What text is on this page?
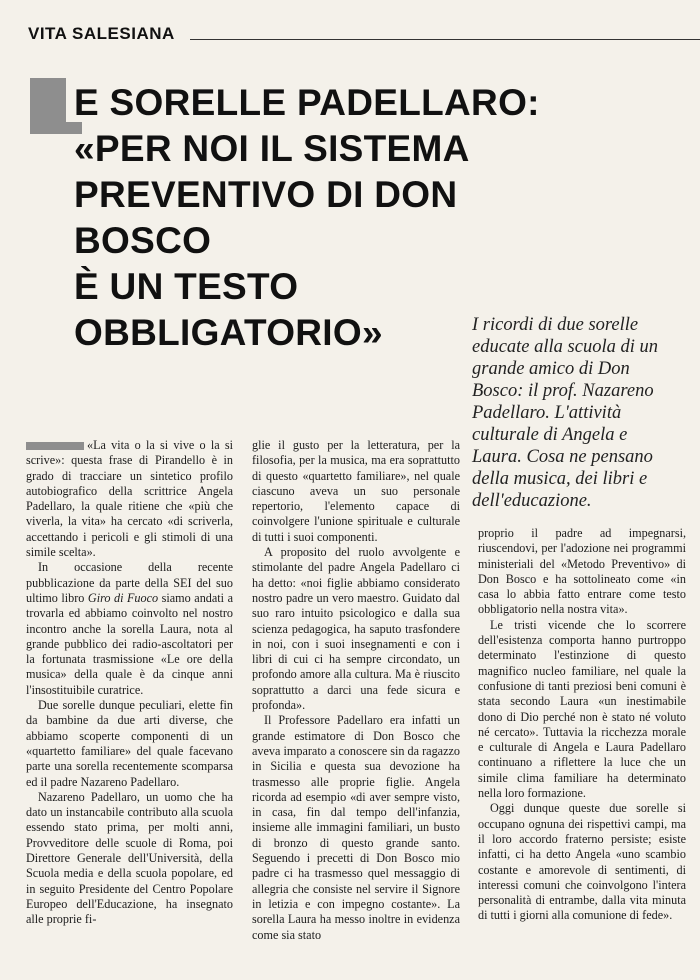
VITA SALESIANA
E SORELLE PADELLARO:
«PER NOI IL SISTEMA
PREVENTIVO DI DON
BOSCO
È UN TESTO
OBBLIGATORIO»	I ricordi di due sorelle
educate alla scuola di un
grande amico di Don
Bosco: il prof. Nazareno
Padellaro. L'attività
culturale di Angela e
Laura. Cosa ne pensano
della musica, dei libri e
dell'educazione.

«La vita o la si vive o la si scrive»: questa frase di Pirandello è in grado di tracciare un sintetico profilo autobiografico della scrittrice Angela Padellaro, la quale ritiene che «più che viverla, la vita» ha cercato «di scriverla, accettando i pericoli e gli stimoli di una simile scelta».

In occasione della recente pubblicazione da parte della SEI del suo ultimo libro Giro di Fuoco siamo andati a trovarla ed abbiamo coinvolto nel nostro incontro anche la sorella Laura, nota al grande pubblico dei radio-ascoltatori per la fortunata trasmissione «Le ore della musica» della quale è da cinque anni l'insostituibile curatrice.

Due sorelle dunque peculiari, elette fin da bambine da due arti diverse, che abbiamo scoperte componenti di un «quartetto familiare» del quale facevano parte una sorella recentemente scomparsa ed il padre Nazareno Padellaro.

Nazareno Padellaro, un uomo che ha dato un instancabile contributo alla scuola essendo stato prima, per molti anni, Provveditore delle scuole di Roma, poi Direttore Generale dell'Università, della Scuola media e della scuola popolare, ed in seguito Presidente del Centro Popolare Europeo dell'Educazione, ha insegnato alle proprie fi-

glie il gusto per la letteratura, per la filosofia, per la musica, ma era soprattutto di questo «quartetto familiare», nel quale ciascuno aveva un suo personale repertorio, l'elemento capace di coinvolgere l'unione spirituale e culturale di tutti i suoi componenti.

A proposito del ruolo avvolgente e stimolante del padre Angela Padellaro ci ha detto: «noi figlie abbiamo considerato nostro padre un vero maestro. Guidato dal suo raro intuito psicologico e dalla sua scienza pedagogica, ha saputo trasfondere in noi, con i suoi insegnamenti e con i libri di cui ci ha sempre circondato, un profondo amore alla cultura. Ma è riuscito soprattutto a darci una fede sicura e profonda».

Il Professore Padellaro era infatti un grande estimatore di Don Bosco che aveva imparato a conoscere sin da ragazzo in Sicilia e questa sua devozione ha trasmesso alle proprie figlie. Angela ricorda ad esempio «di aver sempre visto, in casa, fin dal tempo dell'infanzia, insieme alle immagini familiari, un busto di bronzo di questo grande santo. Seguendo i precetti di Don Bosco mio padre ci ha trasmesso quel messaggio di allegria che consiste nel servire il Signore in letizia e con impegno costante». La sorella Laura ha messo inoltre in evidenza come sia stato

proprio il padre ad impegnarsi, riuscendovi, per l'adozione nei programmi ministeriali del «Metodo Preventivo» di Don Bosco e ha sottolineato come «in casa lo abbia fatto entrare come testo obbligatorio nella nostra vita».

Le tristi vicende che lo scorrere dell'esistenza comporta hanno purtroppo determinato l'estinzione di questo magnifico nucleo familiare, nel quale la confusione di tanti preziosi beni comuni è stata secondo Laura «un inestimabile dono di Dio perché non è stato né voluto né cercato». Tuttavia la ricchezza morale e culturale di Angela e Laura Padellaro continuano a riflettere la luce che un simile clima familiare ha determinato nella loro formazione.

Oggi dunque queste due sorelle si occupano ognuna dei rispettivi campi, ma il loro accordo fraterno persiste; esiste infatti, ci ha detto Angela «uno scambio costante e amorevole di sentimenti, di interessi comuni che coinvolgono l'intera personalità di entrambe, dalla vita minuta di tutti i giorni alla comunione di fede».
